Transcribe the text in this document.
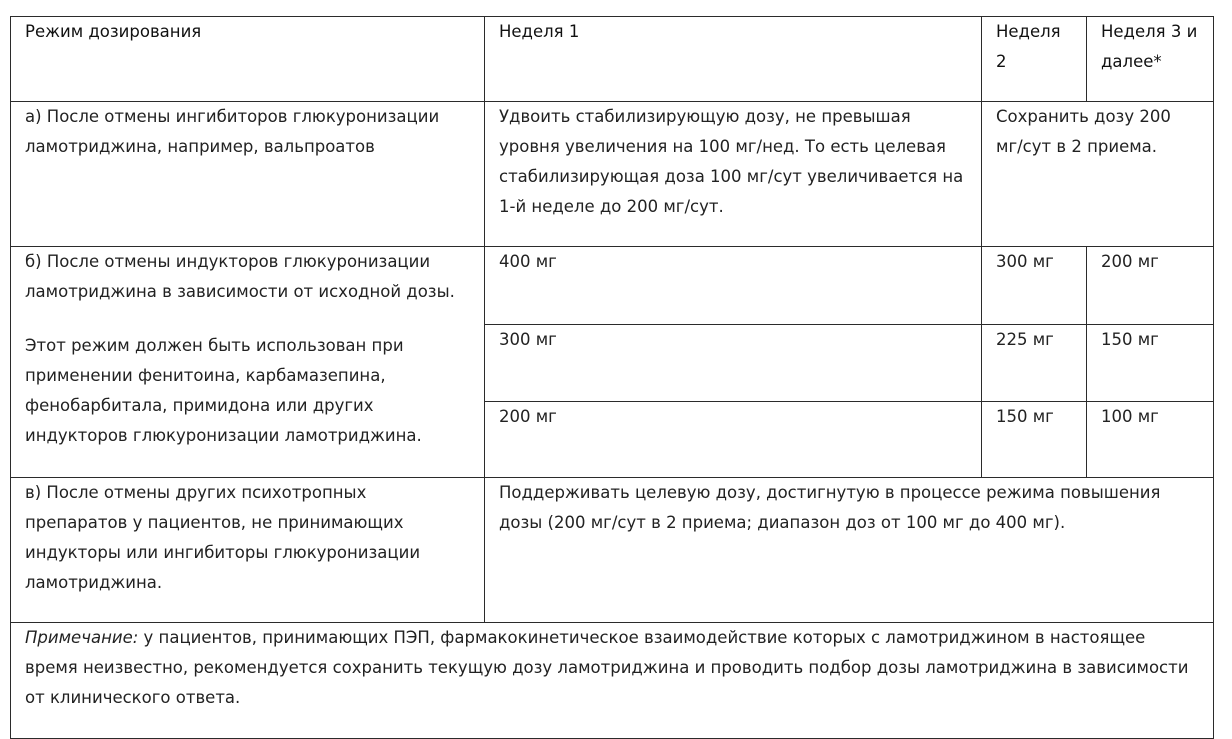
Режим дозирования	Неделя 1	Неделя 2	Неделя 3 и далее*
а) После отмены ингибиторов глюкуронизации ламотриджина, например, вальпроатов	Удвоить стабилизирующую дозу, не превышая уровня увеличения на 100 мг/нед. То есть целевая стабилизирующая доза 100 мг/сут увеличивается на 1-й неделе до 200 мг/сут.	Сохранить дозу 200 мг/сут в 2 приема.	

б) После отмены индукторов глюкуронизации ламотриджина в зависимости от исходной дозы.

Этот режим должен быть использован при применении фенитоина, карбамазепина, фенобарбитала, примидона или других индукторов глюкуронизации ламотриджина.	400 мг	300 мг	200 мг
	300 мг	225 мг	150 мг
	200 мг	150 мг	100 мг
в) После отмены других психотропных препаратов у пациентов, не принимающих индукторы или ингибиторы глюкуронизации ламотриджина.	Поддерживать целевую дозу, достигнутую в процессе режима повышения дозы (200 мг/сут в 2 приема; диапазон доз от 100 мг до 400 мг).		
Примечание: у пациентов, принимающих ПЭП, фармакокинетическое взаимодействие которых с ламотриджином в настоящее время неизвестно, рекомендуется сохранить текущую дозу ламотриджина и проводить подбор дозы ламотриджина в зависимости от клинического ответа.			
